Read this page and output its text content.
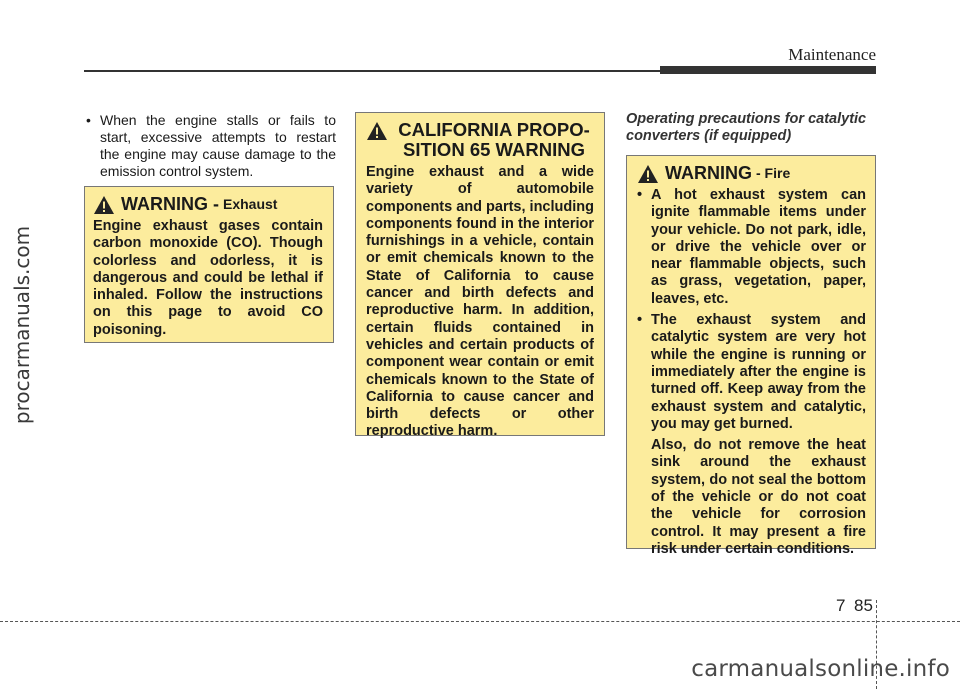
Maintenance
procarmanuals.com
• When the engine stalls or fails to start, excessive attempts to restart the engine may cause damage to the emission control system.
WARNING - Exhaust
Engine exhaust gases contain carbon monoxide (CO). Though colorless and odorless, it is dangerous and could be lethal if inhaled. Follow the instructions on this page to avoid CO poisoning.
CALIFORNIA PROPO-SITION 65 WARNING
Engine exhaust and a wide variety of automobile components and parts, including components found in the interior furnishings in a vehicle, contain or emit chemicals known to the State of California to cause cancer and birth defects and reproductive harm. In addition, certain fluids contained in vehicles and certain products of component wear contain or emit chemicals known to the State of California to cause cancer and birth defects or other reproductive harm.
Operating precautions for catalytic converters (if equipped)
WARNING - Fire
• A hot exhaust system can ignite flammable items under your vehicle. Do not park, idle, or drive the vehicle over or near flammable objects, such as grass, vegetation, paper, leaves, etc.
• The exhaust system and catalytic system are very hot while the engine is running or immediately after the engine is turned off. Keep away from the exhaust system and catalytic, you may get burned.
Also, do not remove the heat sink around the exhaust system, do not seal the bottom of the vehicle or do not coat the vehicle for corrosion control. It may present a fire risk under certain conditions.
7 85
carmanualsonline.info
